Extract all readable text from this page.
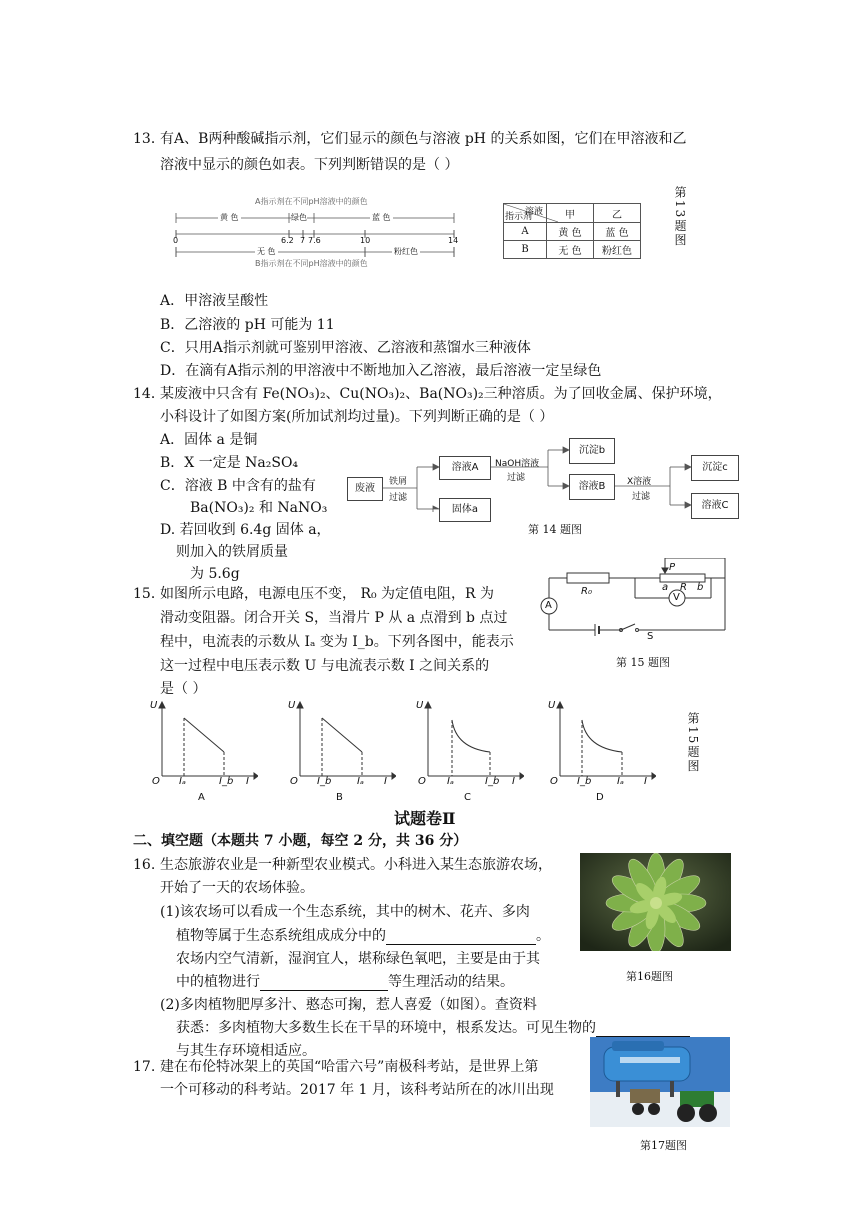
13．
有A、B两种酸碱指示剂，它们显示的颜色与溶液 pH 的关系如图，它们在甲溶液和乙
溶液中显示的颜色如表。下列判断错误的是（ ）
A指示剂在不同pH溶液中的颜色
黄 色	绿色	蓝 色
0	6.2 7 7.6	10	14
无 色	粉红色
B指示剂在不同pH溶液中的颜色
溶液
指示剂	甲	乙
A	黄 色	蓝 色
B	无 色	粉红色
第13题图
A．甲溶液呈酸性
B．乙溶液的 pH 可能为 11
C．只用A指示剂就可鉴别甲溶液、乙溶液和蒸馏水三种液体
D．在滴有A指示剂的甲溶液中不断地加入乙溶液，最后溶液一定呈绿色
14．
某废液中只含有 Fe(NO₃)₂、Cu(NO₃)₂、Ba(NO₃)₂三种溶质。为了回收金属、保护环境，
小科设计了如图方案(所加试剂均过量)。下列判断正确的是（ ）
A．固体 a 是铜
B．X 一定是 Na₂SO₄
C．溶液 B 中含有的盐有
Ba(NO₃)₂ 和 NaNO₃
D. 若回收到 6.4g 固体 a，
则加入的铁屑质量
为 5.6g
废液
铁屑
过滤
溶液A
固体a
NaOH溶液
过滤
沉淀b
溶液B	X溶液
过滤
沉淀c
溶液C
第 14 题图
15．
如图所示电路，电源电压不变， R₀ 为定值电阻，R 为
滑动变阻器。闭合开关 S，当滑片 P 从 a 点滑到 b 点过
程中，电流表的示数从 Iₐ 变为 I_b。下列各图中，能表示
这一过程中电压表示数 U 与电流表示数 I 之间关系的
是（ ）
A
R₀
P
a R b
V
S
第 15 题图
U
O Iₐ	I_b I
A
U
O I_b	Iₐ I
B
U
O Iₐ	I_b I
C
U
O I_b	Iₐ I
D
第15题图
试题卷Ⅱ
二、填空题（本题共 7 小题，每空 2 分，共 36 分）
16. 生态旅游农业是一种新型农业模式。小科进入某生态旅游农场，
开始了一天的农场体验。
(1)该农场可以看成一个生态系统，其中的树木、花卉、多肉
植物等属于生态系统组成成分中的	。
农场内空气清新，湿润宜人，堪称绿色氧吧，主要是由于其
中的植物进行	等生理活动的结果。
(2)多肉植物肥厚多汁、憨态可掬，惹人喜爱（如图）。查资料
获悉：多肉植物大多数生长在干旱的环境中，根系发达。可见生物的
与其生存环境相适应。
第16题图
17. 建在布伦特冰架上的英国“哈雷六号”南极科考站，是世界上第
一个可移动的科考站。2017 年 1 月，该科考站所在的冰川出现
第17题图
